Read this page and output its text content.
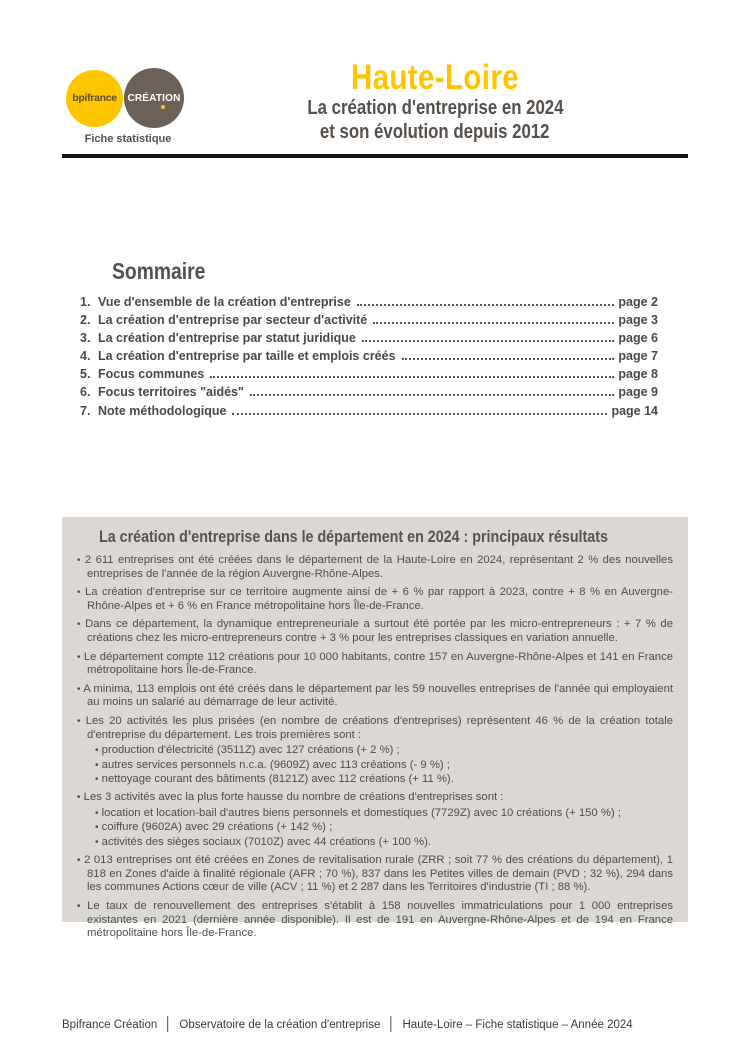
bpifrance CRÉATION
Fiche statistique
Haute-Loire
La création d'entreprise en 2024
et son évolution depuis 2012
Sommaire
1. Vue d'ensemble de la création d'entreprise	page 2
2. La création d'entreprise par secteur d'activité	page 3
3. La création d'entreprise par statut juridique	page 6
4. La création d'entreprise par taille et emplois créés	page 7
5. Focus communes	page 8
6. Focus territoires "aidés"	page 9
7. Note méthodologique	page 14
La création d'entreprise dans le département en 2024 : principaux résultats

• 2 611 entreprises ont été créées dans le département de la Haute-Loire en 2024, représentant 2 % des nouvelles entreprises de l'année de la région Auvergne-Rhône-Alpes.

• La création d'entreprise sur ce territoire augmente ainsi de + 6 % par rapport à 2023, contre + 8 % en Auvergne-Rhône-Alpes et + 6 % en France métropolitaine hors Île-de-France.

• Dans ce département, la dynamique entrepreneuriale a surtout été portée par les micro-entrepreneurs : + 7 % de créations chez les micro-entrepreneurs contre + 3 % pour les entreprises classiques en variation annuelle.

• Le département compte 112 créations pour 10 000 habitants, contre 157 en Auvergne-Rhône-Alpes et 141 en France métropolitaine hors Île-de-France.

• A minima, 113 emplois ont été créés dans le département par les 59 nouvelles entreprises de l'année qui employaient au moins un salarié au démarrage de leur activité.

• Les 20 activités les plus prisées (en nombre de créations d'entreprises) représentent 46 % de la création totale d'entreprise du département. Les trois premières sont :

• production d'électricité (3511Z) avec 127 créations (+ 2 %) ;

• autres services personnels n.c.a. (9609Z) avec 113 créations (- 9 %) ;

• nettoyage courant des bâtiments (8121Z) avec 112 créations (+ 11 %).

• Les 3 activités avec la plus forte hausse du nombre de créations d'entreprises sont :

• location et location-bail d'autres biens personnels et domestiques (7729Z) avec 10 créations (+ 150 %) ;

• coiffure (9602A) avec 29 créations (+ 142 %) ;

• activités des sièges sociaux (7010Z) avec 44 créations (+ 100 %).

• 2 013 entreprises ont été créées en Zones de revitalisation rurale (ZRR ; soit 77 % des créations du département), 1 818 en Zones d'aide à finalité régionale (AFR ; 70 %), 837 dans les Petites villes de demain (PVD ; 32 %), 294 dans les communes Actions cœur de ville (ACV ; 11 %) et 2 287 dans les Territoires d'industrie (TI ; 88 %).

• Le taux de renouvellement des entreprises s'établit à 158 nouvelles immatriculations pour 1 000 entreprises existantes en 2021 (dernière année disponible). Il est de 191 en Auvergne-Rhône-Alpes et de 194 en France métropolitaine hors Île-de-France.

Bpifrance Création │ Observatoire de la création d'entreprise │ Haute-Loire – Fiche statistique – Année 2024
